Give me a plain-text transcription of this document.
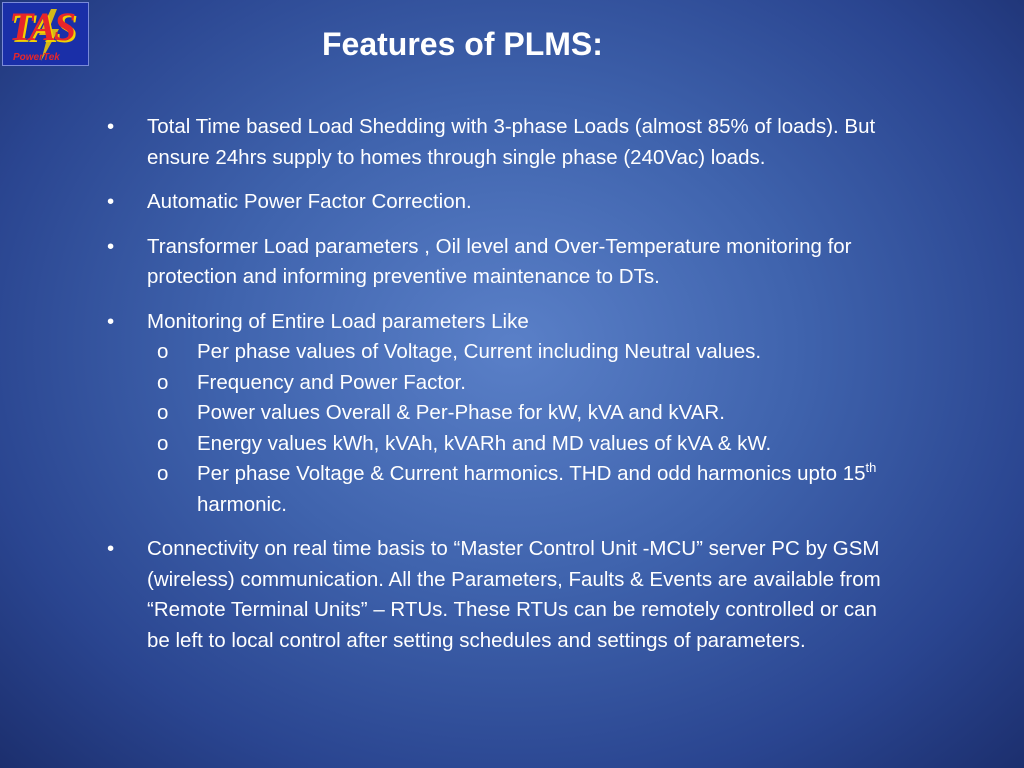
TAS
PowerTek	Features of PLMS:
• Total Time based Load Shedding with 3-phase Loads (almost 85% of loads). But ensure 24hrs supply to homes through single phase (240Vac) loads.
• Automatic Power Factor Correction.
• Transformer Load parameters , Oil level and Over-Temperature monitoring for protection and informing preventive maintenance to DTs.
• Monitoring of Entire Load parameters Like
o Per phase values of Voltage, Current including Neutral values.
o Frequency and Power Factor.
o Power values Overall & Per-Phase for kW, kVA and kVAR.
o Energy values kWh, kVAh, kVARh and MD values of kVA & kW.
o Per phase Voltage & Current harmonics. THD and odd harmonics upto 15th harmonic.
• Connectivity on real time basis to “Master Control Unit -MCU” server PC by GSM (wireless) communication. All the Parameters, Faults & Events are available from “Remote Terminal Units” – RTUs. These RTUs can be remotely controlled or can be left to local control after setting schedules and settings of parameters.
